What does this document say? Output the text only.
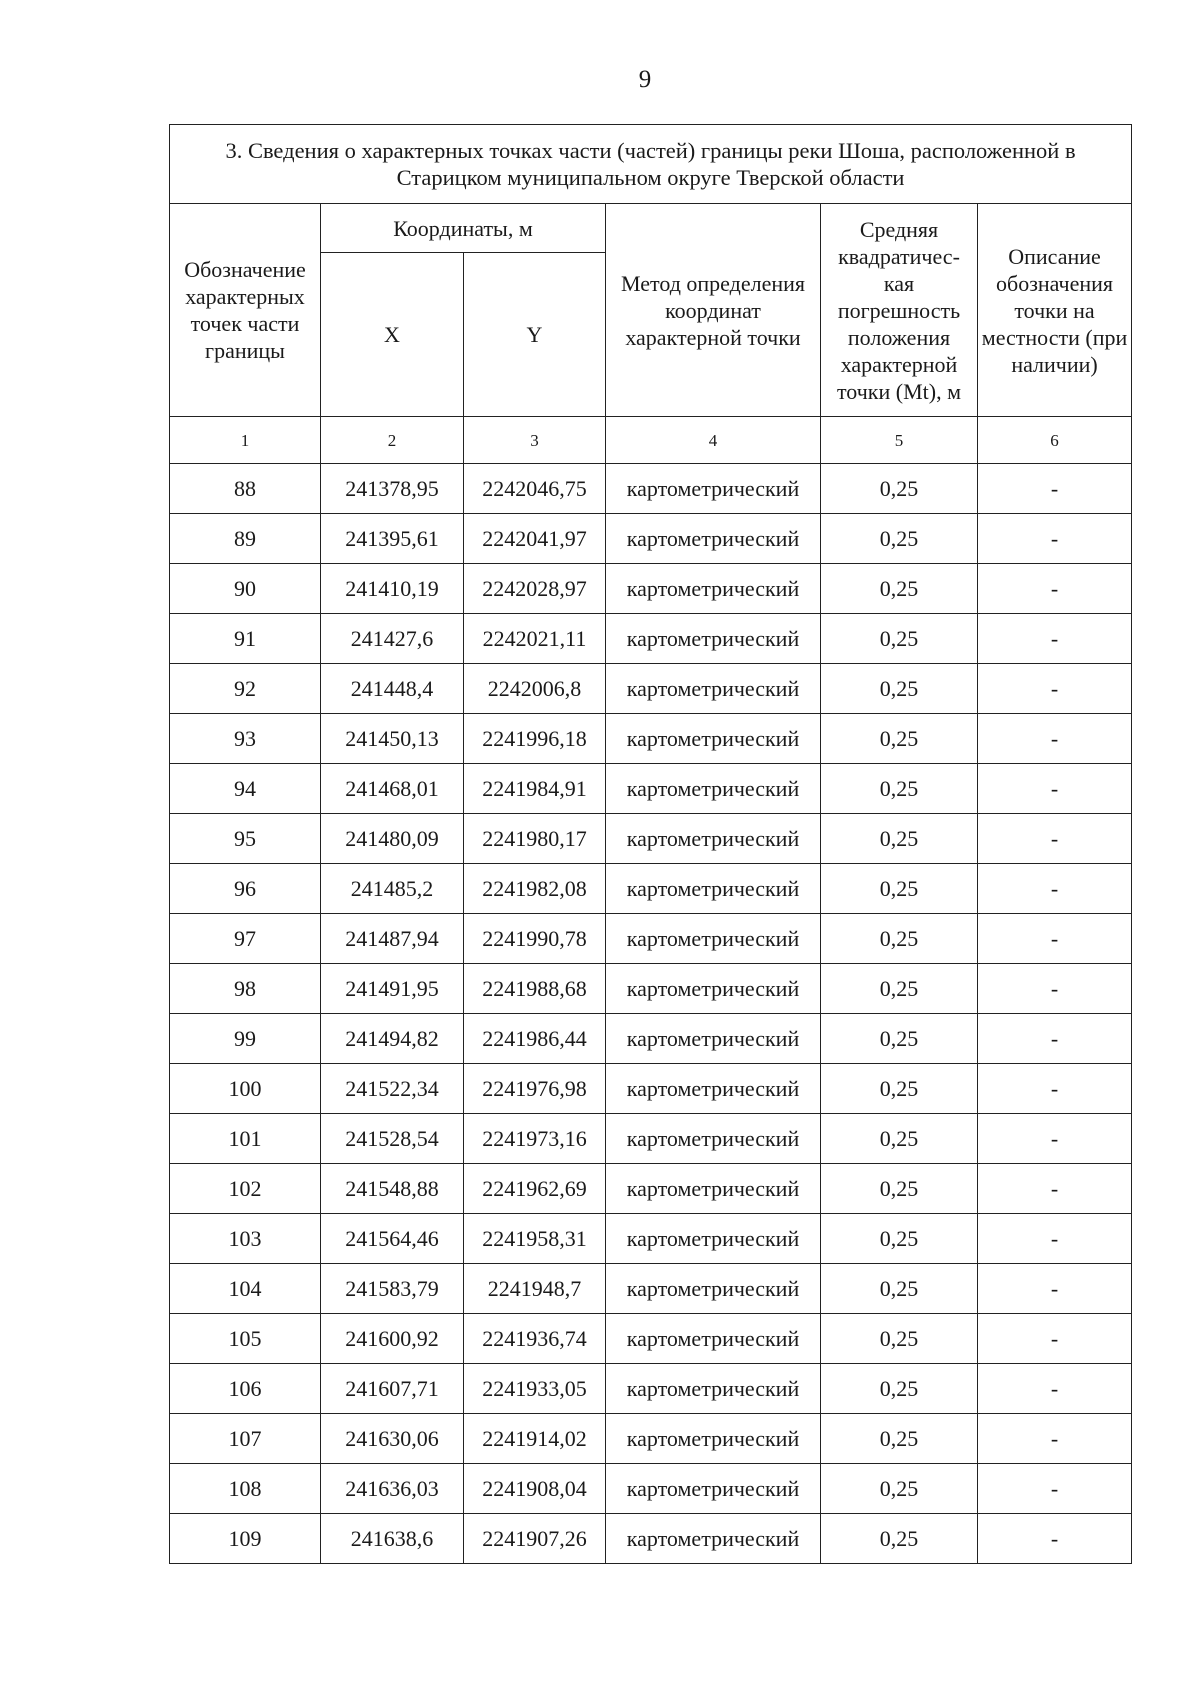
9
3. Сведения о характерных точках части (частей) границы реки Шоша, расположенной в Старицком муниципальном округе Тверской области					
Обозначение характерных точек части границы	Координаты, м		Метод определения координат характерной точки	Средняя квадратичес-кая погрешность положения характерной точки (Mt), м	Описание обозначения точки на местности (при наличии)
	X	Y			
1	2	3	4	5	6
88	241378,95	2242046,75	картометрический	0,25	-
89	241395,61	2242041,97	картометрический	0,25	-
90	241410,19	2242028,97	картометрический	0,25	-
91	241427,6	2242021,11	картометрический	0,25	-
92	241448,4	2242006,8	картометрический	0,25	-
93	241450,13	2241996,18	картометрический	0,25	-
94	241468,01	2241984,91	картометрический	0,25	-
95	241480,09	2241980,17	картометрический	0,25	-
96	241485,2	2241982,08	картометрический	0,25	-
97	241487,94	2241990,78	картометрический	0,25	-
98	241491,95	2241988,68	картометрический	0,25	-
99	241494,82	2241986,44	картометрический	0,25	-
100	241522,34	2241976,98	картометрический	0,25	-
101	241528,54	2241973,16	картометрический	0,25	-
102	241548,88	2241962,69	картометрический	0,25	-
103	241564,46	2241958,31	картометрический	0,25	-
104	241583,79	2241948,7	картометрический	0,25	-
105	241600,92	2241936,74	картометрический	0,25	-
106	241607,71	2241933,05	картометрический	0,25	-
107	241630,06	2241914,02	картометрический	0,25	-
108	241636,03	2241908,04	картометрический	0,25	-
109	241638,6	2241907,26	картометрический	0,25	-
